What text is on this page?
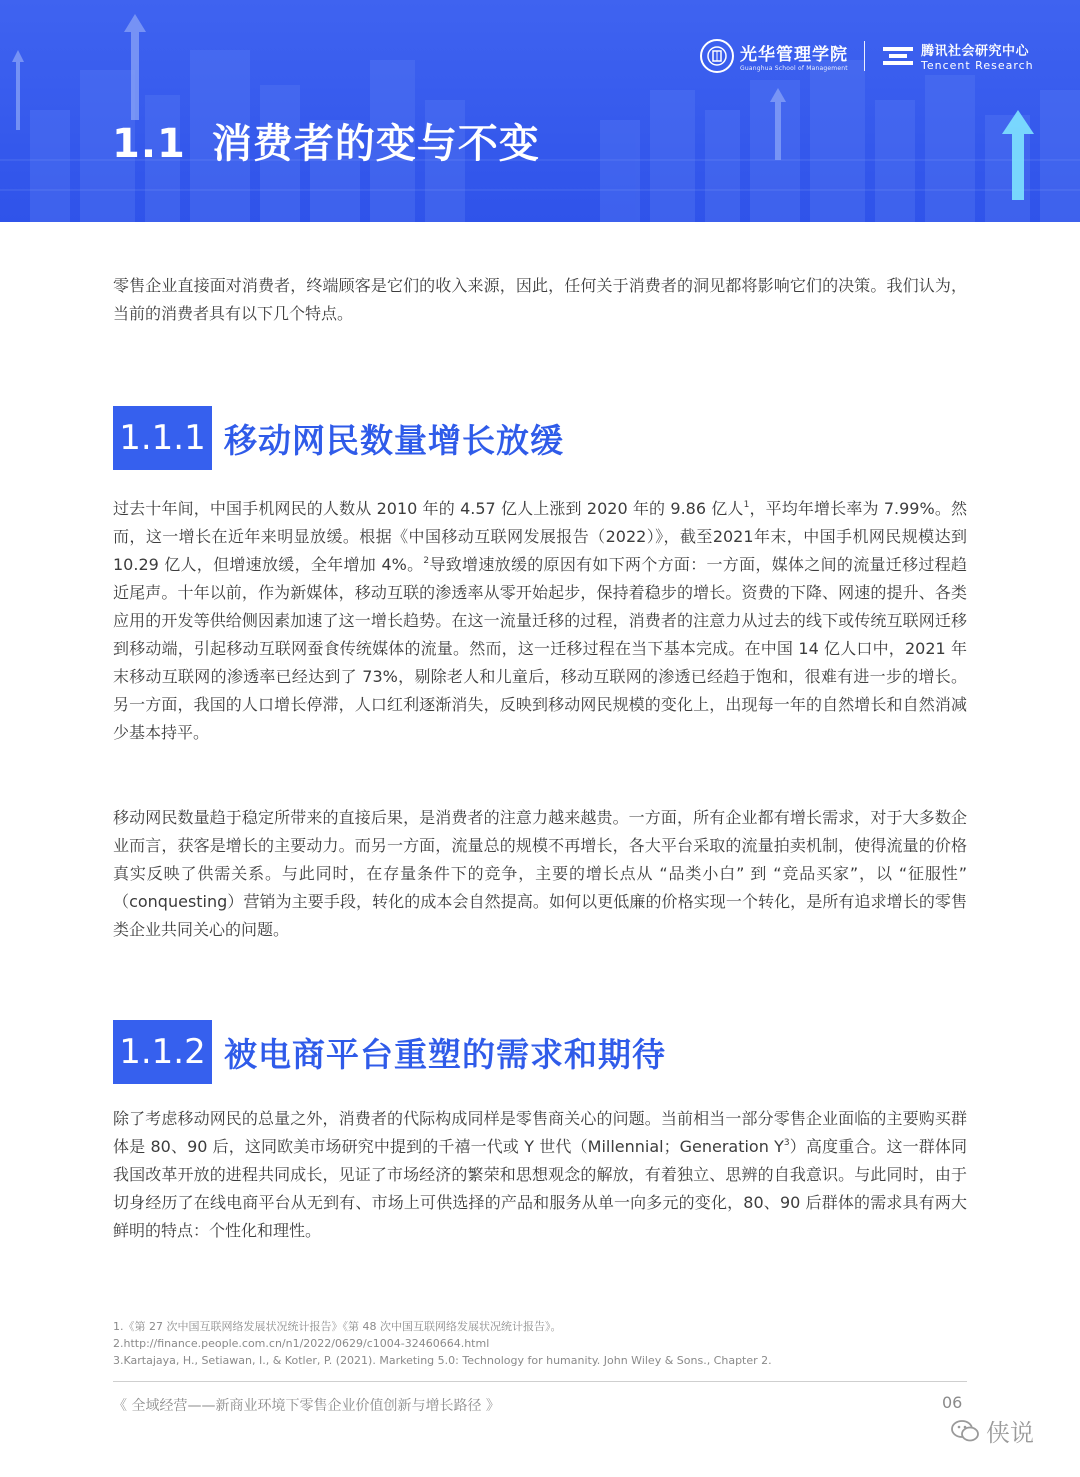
1.1 消费者的变与不变
光华管理学院
Guanghua School of Management
腾讯社会研究中心
Tencent Research

零售企业直接面对消费者，终端顾客是它们的收入来源，因此，任何关于消费者的洞见都将影响它们的决策。我们认为，当前的消费者具有以下几个特点。

1.1.1 移动网民数量增长放缓

过去十年间，中国手机网民的人数从 2010 年的 4.57 亿人上涨到 2020 年的 9.86 亿人$^1$，平均年增长率为 7.99%。然而，这一增长在近年来明显放缓。根据《中国移动互联网发展报告（2022）》，截至2021年末，中国手机网民规模达到 10.29 亿人，但增速放缓，全年增加 4%。$^2$导致增速放缓的原因有如下两个方面：一方面，媒体之间的流量迁移过程趋近尾声。十年以前，作为新媒体，移动互联的渗透率从零开始起步，保持着稳步的增长。资费的下降、网速的提升、各类应用的开发等供给侧因素加速了这一增长趋势。在这一流量迁移的过程，消费者的注意力从过去的线下或传统互联网迁移到移动端，引起移动互联网蚕食传统媒体的流量。然而，这一迁移过程在当下基本完成。在中国 14 亿人口中，2021 年末移动互联网的渗透率已经达到了 73%，剔除老人和儿童后，移动互联网的渗透已经趋于饱和，很难有进一步的增长。另一方面，我国的人口增长停滞，人口红利逐渐消失，反映到移动网民规模的变化上，出现每一年的自然增长和自然消减少基本持平。

移动网民数量趋于稳定所带来的直接后果，是消费者的注意力越来越贵。一方面，所有企业都有增长需求，对于大多数企业而言，获客是增长的主要动力。而另一方面，流量总的规模不再增长，各大平台采取的流量拍卖机制，使得流量的价格真实反映了供需关系。与此同时，在存量条件下的竞争，主要的增长点从 “品类小白” 到 “竞品买家”，以 “征服性” （conquesting）营销为主要手段，转化的成本会自然提高。如何以更低廉的价格实现一个转化，是所有追求增长的零售类企业共同关心的问题。

1.1.2 被电商平台重塑的需求和期待

除了考虑移动网民的总量之外，消费者的代际构成同样是零售商关心的问题。当前相当一部分零售企业面临的主要购买群体是 80、90 后，这同欧美市场研究中提到的千禧一代或 Y 世代（Millennial；Generation $Y^3$）高度重合。这一群体同我国改革开放的进程共同成长，见证了市场经济的繁荣和思想观念的解放，有着独立、思辨的自我意识。与此同时，由于切身经历了在线电商平台从无到有、市场上可供选择的产品和服务从单一向多元的变化，80、90 后群体的需求具有两大鲜明的特点：个性化和理性。

1.《第 27 次中国互联网络发展状况统计报告》《第 48 次中国互联网络发展状况统计报告》。
2.http://finance.people.com.cn/n1/2022/0629/c1004-32460664.html
3.Kartajaya, H., Setiawan, I., & Kotler, P. (2021). Marketing 5.0: Technology for humanity. John Wiley & Sons., Chapter 2.
《 全域经营——新商业环境下零售企业价值创新与增长路径 》	06
侠说
